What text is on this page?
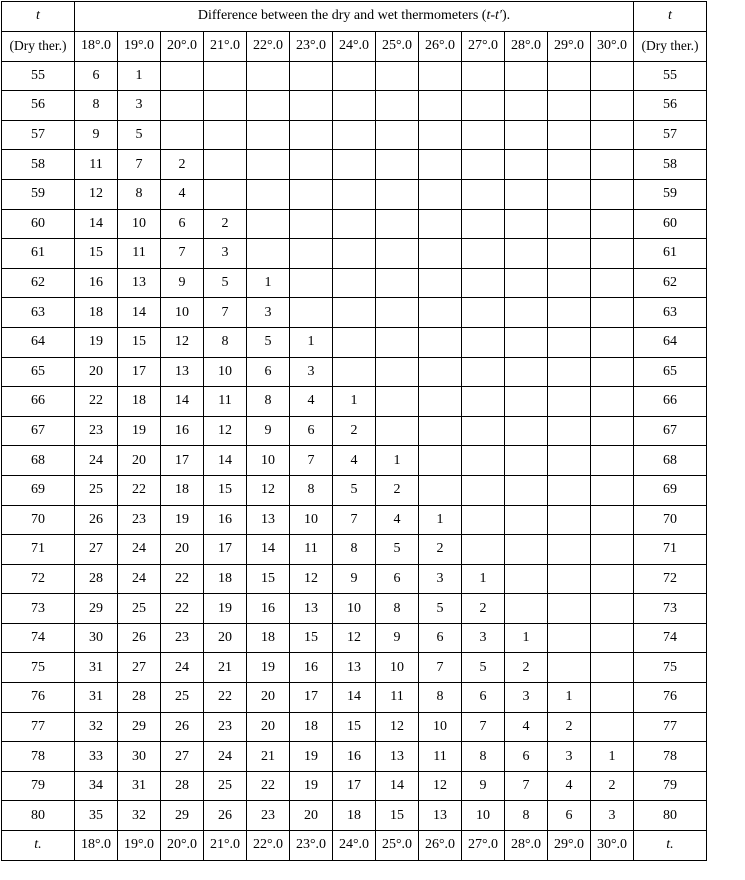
t	Difference between the dry and wet thermometers (t-t′).													t
(Dry ther.)	18°.0	19°.0	20°.0	21°.0	22°.0	23°.0	24°.0	25°.0	26°.0	27°.0	28°.0	29°.0	30°.0	(Dry ther.)
55	6	1												55
56	8	3												56
57	9	5												57
58	11	7	2											58
59	12	8	4											59
60	14	10	6	2										60
61	15	11	7	3										61
62	16	13	9	5	1									62
63	18	14	10	7	3									63
64	19	15	12	8	5	1								64
65	20	17	13	10	6	3								65
66	22	18	14	11	8	4	1							66
67	23	19	16	12	9	6	2							67
68	24	20	17	14	10	7	4	1						68
69	25	22	18	15	12	8	5	2						69
70	26	23	19	16	13	10	7	4	1					70
71	27	24	20	17	14	11	8	5	2					71
72	28	24	22	18	15	12	9	6	3	1				72
73	29	25	22	19	16	13	10	8	5	2				73
74	30	26	23	20	18	15	12	9	6	3	1			74
75	31	27	24	21	19	16	13	10	7	5	2			75
76	31	28	25	22	20	17	14	11	8	6	3	1		76
77	32	29	26	23	20	18	15	12	10	7	4	2		77
78	33	30	27	24	21	19	16	13	11	8	6	3	1	78
79	34	31	28	25	22	19	17	14	12	9	7	4	2	79
80	35	32	29	26	23	20	18	15	13	10	8	6	3	80
t.	18°.0	19°.0	20°.0	21°.0	22°.0	23°.0	24°.0	25°.0	26°.0	27°.0	28°.0	29°.0	30°.0	t.
